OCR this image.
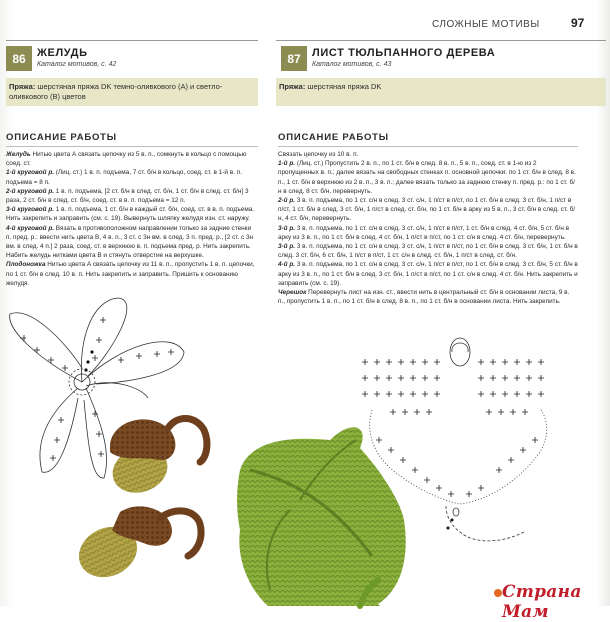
СЛОЖНЫЕ МОТИВЫ	97
86	ЖЕЛУДЬ
Каталог мотивов, с. 42
Пряжа: шерстяная пряжа DK темно-оливкового (А) и светло-оливкового (В) цветов
ОПИСАНИЕ РАБОТЫ

Желудь Нитью цвета А связать цепочку из 5 в. п., сомкнуть в кольцо с помощью соед. ст.

1-й круговой р. (Лиц. ст.) 1 в. п. подъема, 7 ст. б/н в кольцо, соед. ст. в 1-й в. п. подъема = 8 п.

2-й круговой р. 1 в. п. подъема, [2 ст. б/н в след. ст. б/н, 1 ст. б/н в след. ст. б/н] 3 раза, 2 ст. б/н в след. ст. б/н, соед. ст. в в. п. подъема = 12 п.

3-й круговой р. 1 в. п. подъема, 1 ст. б/н в каждый ст. б/н, соед. ст. в в. п. подъема. Нить закрепить и заправить (см. с. 19). Вывернуть шляпку желудя изн. ст. наружу.

4-й круговой р. Вязать в противоположном направлении только за задние стенки п. пред. р.: ввести нить цвета В, 4 в. п., 3 ст. с 3н вм. в след. 3 п. пред. р., [2 ст. с 3н вм. в след. 4 п.] 2 раза, соед. ст. в верхнюю в. п. подъема пред. р. Нить закрепить. Набить желудь нитками цвета В и стянуть отверстие на верхушке.

Плодоножка Нитью цвета А связать цепочку из 11 в. п., пропустить 1 в. п. цепочки, по 1 ст. б/н в след. 10 в. п. Нить закрепить и заправить. Пришить к основанию желудя.

87	ЛИСТ ТЮЛЬПАННОГО ДЕРЕВА
Каталог мотивов, с. 43
Пряжа: шерстяная пряжа DK
ОПИСАНИЕ РАБОТЫ

Связать цепочку из 10 в. п.

1-й р. (Лиц. ст.) Пропустить 2 в. п., по 1 ст. б/н в след. 8 в. п., 5 в. п., соед. ст. в 1-ю из 2 пропущенных в. п.; далее вязать на свободных стенках п. основной цепочки: по 1 ст. б/н в след. 8 в. п., 1 ст. б/н в верхнюю из 2 в. п., 3 в. п.; далее вязать только за заднюю стенку п. пред. р.: по 1 ст. б/н в след. 8 ст. б/н, перевернуть.

2-й р. 3 в. п. подъема, по 1 ст. с/н в след. 3 ст. с/н, 1 п/ст в п/ст, по 1 ст. б/н в след. 3 ст. б/н, 1 п/ст в п/ст, 1 ст. б/н в след. 3 ст. б/н, 1 п/ст в след. ст. б/н, по 1 ст. б/н в арку из 5 в. п., 3 ст. б/н в след. ст. б/н, 4 ст. б/н, перевернуть.

3-й р. 3 в. п. подъема, по 1 ст. с/н в след. 3 ст. с/н, 1 п/ст в п/ст, 1 ст. б/н в след. 4 ст. б/н, 5 ст. б/н в арку из 3 в. п., по 1 ст. б/н в след. 4 ст. б/н, 1 п/ст в п/ст, по 1 ст. с/н в след. 4 ст. б/н, перевернуть.

3-й р. 3 в. п. подъема, по 1 ст. с/н в след. 3 ст. с/н, 1 п/ст в п/ст, по 1 ст. б/н в след. 3 ст. б/н, 1 ст. б/н в след. 3 ст. б/н, 6 ст. б/н, 1 п/ст в п/ст, 1 ст. с/н в след. ст. б/н, 1 п/ст в след. ст. б/н.

4-й р. 3 в. п. подъема, по 1 ст. с/н в след. 3 ст. с/н, 1 п/ст в п/ст, по 1 ст. б/н в след. 3 ст. б/н, 5 ст. б/н в арку из 3 в. п., по 1 ст. б/н в след. 3 ст. б/н, 1 п/ст в п/ст, по 1 ст. с/н в след. 4 ст. б/н. Нить закрепить и заправить (см. с. 19).

Черешок Перевернуть лист на изн. ст., ввести нить в центральный ст. б/н в основании листа, 9 в. п., пропустить 1 в. п., по 1 ст. б/н в след. 8 в. п., по 1 ст. б/н в основании листа. Нить закрепить.

Страна Мам
